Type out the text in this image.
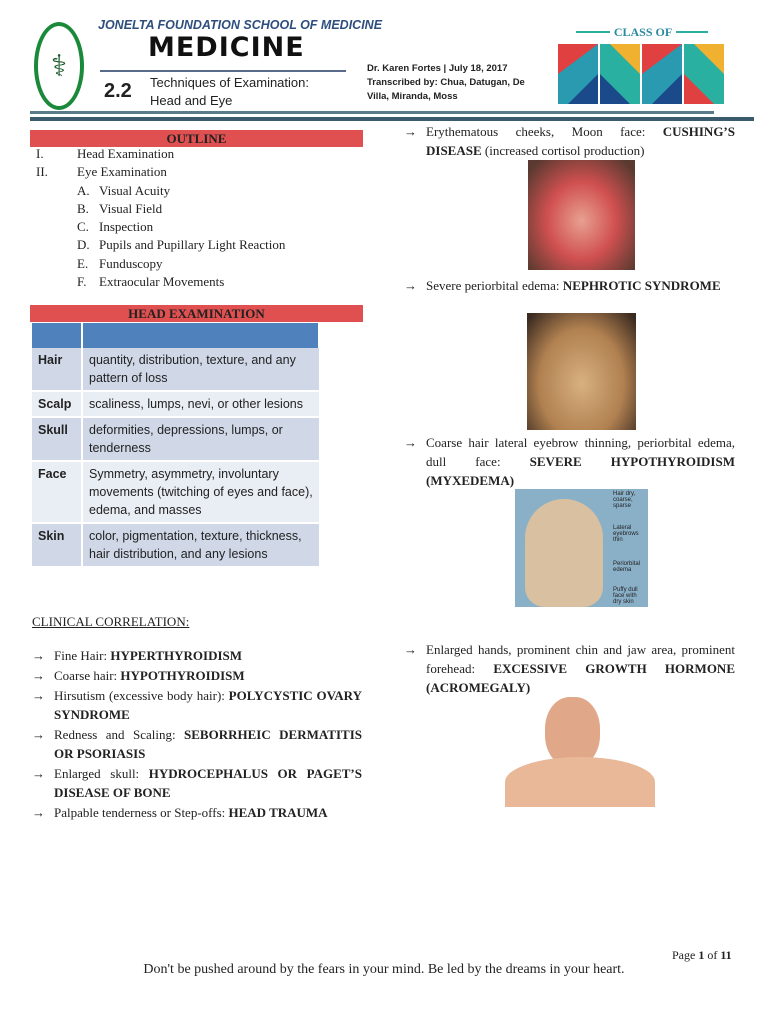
⚕
JONELTA FOUNDATION SCHOOL OF MEDICINE
MEDICINE
2.2 Techniques of Examination:
Head and Eye
Dr. Karen Fortes | July 18, 2017
Transcribed by: Chua, Datugan, De Villa, Miranda, Moss
CLASS OF
OUTLINE
I.	Head Examination
II.	Eye Examination
A. Visual Acuity
B. Visual Field
C. Inspection
D. Pupils and Pupillary Light Reaction
E. Funduscopy
F. Extraocular Movements
HEAD EXAMINATION

Hair	quantity, distribution, texture, and any pattern of loss
Scalp	scaliness, lumps, nevi, or other lesions
Skull	deformities, depressions, lumps, or tenderness
Face	Symmetry, asymmetry, involuntary movements (twitching of eyes and face), edema, and masses
Skin	color, pigmentation, texture, thickness,
hair distribution, and any lesions
CLINICAL CORRELATION:
→ Fine Hair: HYPERTHYROIDISM
→ Coarse hair: HYPOTHYROIDISM
→ Hirsutism (excessive body hair): POLYCYSTIC OVARY SYNDROME
→ Redness and Scaling: SEBORRHEIC DERMATITIS OR PSORIASIS
→ Enlarged skull: HYDROCEPHALUS OR PAGET’S DISEASE OF BONE
→ Palpable tenderness or Step-offs: HEAD TRAUMA
→ Erythematous cheeks, Moon face: CUSHING’S DISEASE (increased cortisol production)
→ Severe periorbital edema: NEPHROTIC SYNDROME
→ Coarse hair lateral eyebrow thinning, periorbital edema, dull face: SEVERE HYPOTHYROIDISM (MYXEDEMA)
Hair dry, coarse, sparse
Lateral eyebrows thin
Periorbital edema
Puffy dull face with dry skin
→ Enlarged hands, prominent chin and jaw area, prominent forehead: EXCESSIVE GROWTH HORMONE (ACROMEGALY)
Page 1 of 11
Don't be pushed around by the fears in your mind. Be led by the dreams in your heart.
